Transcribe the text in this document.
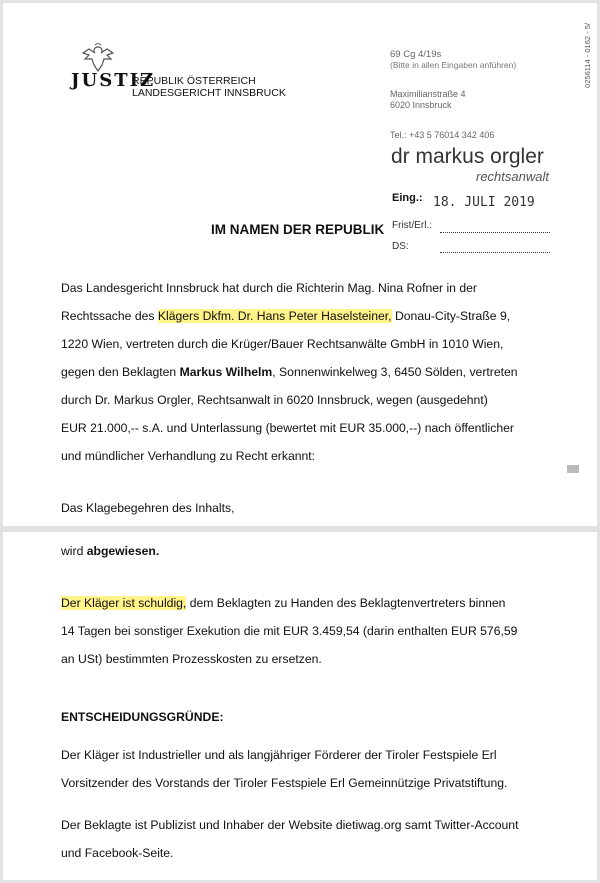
JUSTIZ
REPUBLIK ÖSTERREICH
LANDESGERICHT INNSBRUCK
69 Cg 4/19s
(Bitte in allen Eingaben anführen)
Maximilianstraße 4
6020 Innsbruck
Tel.: +43 5 76014 342 406
0256114 - 0162 - 5/
dr markus orgler
rechtsanwalt
Eing.: 18. JULI 2019
Frist/Erl.:
DS:
IM NAMEN DER REPUBLIK
Das Landesgericht Innsbruck hat durch die Richterin Mag. Nina Rofner in der
Rechtssache des Klägers Dkfm. Dr. Hans Peter Haselsteiner, Donau-City-Straße 9,
1220 Wien, vertreten durch die Krüger/Bauer Rechtsanwälte GmbH in 1010 Wien,
gegen den Beklagten Markus Wilhelm, Sonnenwinkelweg 3, 6450 Sölden, vertreten
durch Dr. Markus Orgler, Rechtsanwalt in 6020 Innsbruck, wegen (ausgedehnt)
EUR 21.000,-- s.A. und Unterlassung (bewertet mit EUR 35.000,--) nach öffentlicher
und mündlicher Verhandlung zu Recht erkannt:
Das Klagebegehren des Inhalts,
wird abgewiesen.
Der Kläger ist schuldig, dem Beklagten zu Handen des Beklagtenvertreters binnen
14 Tagen bei sonstiger Exekution die mit EUR 3.459,54 (darin enthalten EUR 576,59
an USt) bestimmten Prozesskosten zu ersetzen.
ENTSCHEIDUNGSGRÜNDE:
Der Kläger ist Industrieller und als langjähriger Förderer der Tiroler Festspiele Erl
Vorsitzender des Vorstands der Tiroler Festspiele Erl Gemeinnützige Privatstiftung.
Der Beklagte ist Publizist und Inhaber der Website dietiwag.org samt Twitter-Account
und Facebook-Seite.
